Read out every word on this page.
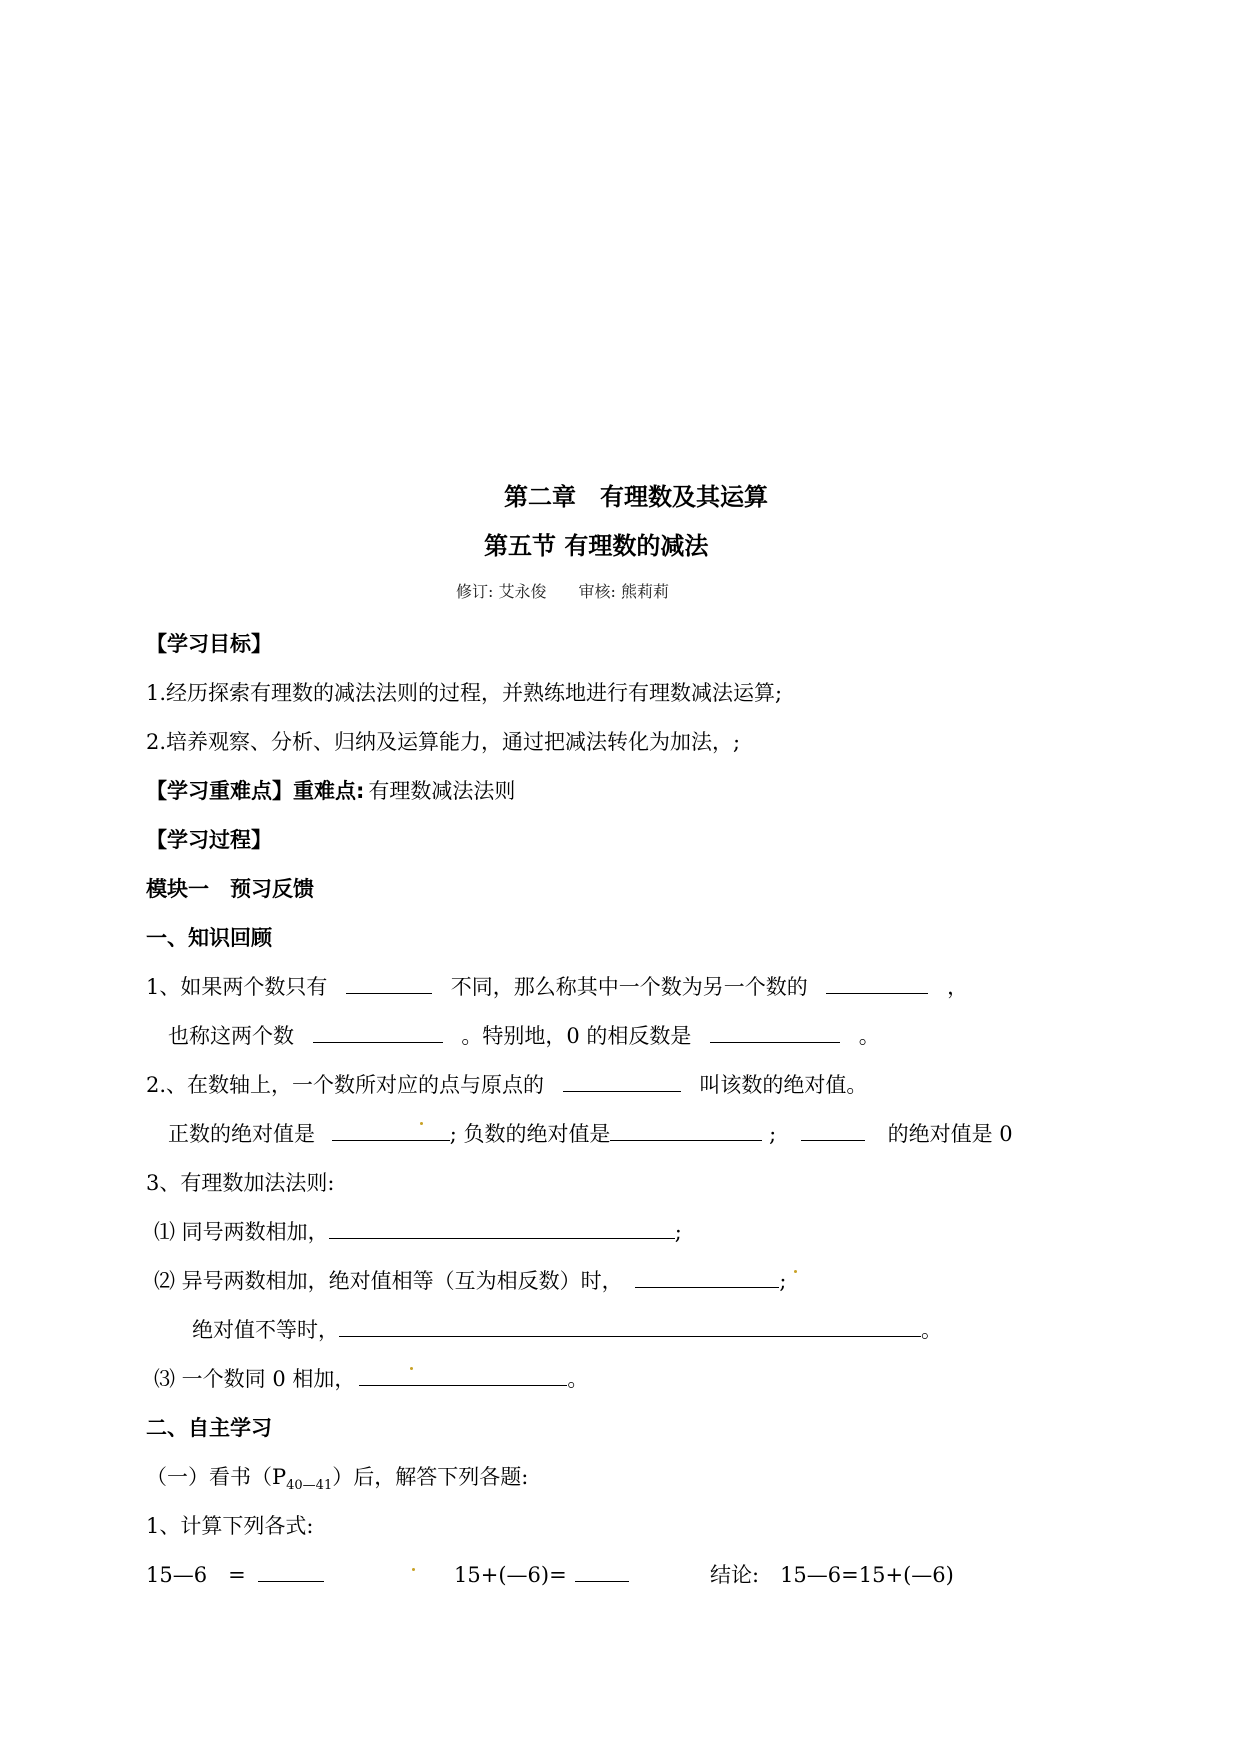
第二章　有理数及其运算
第五节 有理数的减法
修订: 艾永俊　　审核: 熊莉莉
【学习目标】
1.经历探索有理数的减法法则的过程，并熟练地进行有理数减法运算;
2.培养观察、分析、归纳及运算能力，通过把减法转化为加法，;
【学习重难点】重难点: 有理数减法法则
【学习过程】
模块一　预习反馈
一、知识回顾
1、如果两个数只有	不同，那么称其中一个数为另一个数的	，
也称这两个数	。特别地，0 的相反数是	。
2.、在数轴上，一个数所对应的点与原点的	叫该数的绝对值。
正数的绝对值是	; 负数的绝对值是	;	的绝对值是 0
3、有理数加法法则:
⑴ 同号两数相加，	;
⑵ 异号两数相加，绝对值相等（互为相反数）时，	;
绝对值不等时，	。
⑶ 一个数同 0 相加，	。
二、自主学习
（一）看书$(P_{40—41})$后，解答下列各题:
1、计算下列各式:
15—6　=	15+(—6)=	结论:　15—6=15+(—6)
